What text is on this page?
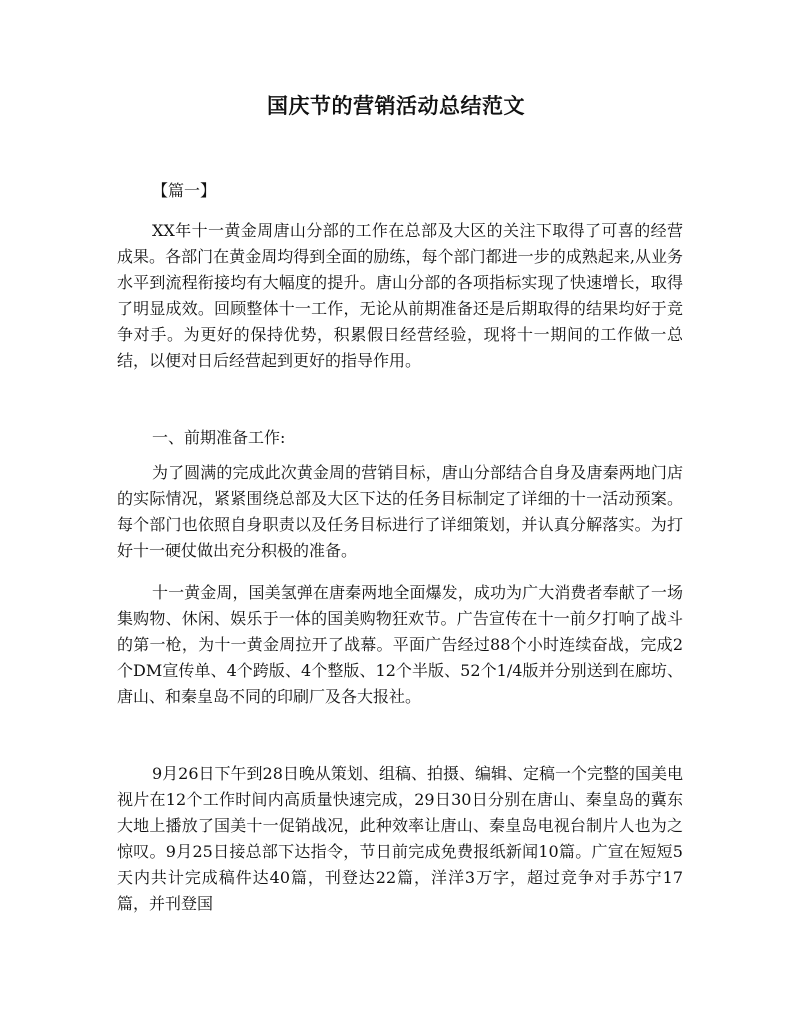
国庆节的营销活动总结范文

【篇一】

XX年十一黄金周唐山分部的工作在总部及大区的关注下取得了可喜的经营成果。各部门在黄金周均得到全面的励练，每个部门都进一步的成熟起来,从业务水平到流程衔接均有大幅度的提升。唐山分部的各项指标实现了快速增长，取得了明显成效。回顾整体十一工作，无论从前期准备还是后期取得的结果均好于竞争对手。为更好的保持优势，积累假日经营经验，现将十一期间的工作做一总结，以便对日后经营起到更好的指导作用。

一、前期准备工作:

为了圆满的完成此次黄金周的营销目标，唐山分部结合自身及唐秦两地门店的实际情况，紧紧围绕总部及大区下达的任务目标制定了详细的十一活动预案。每个部门也依照自身职责以及任务目标进行了详细策划，并认真分解落实。为打好十一硬仗做出充分积极的准备。

十一黄金周，国美氢弹在唐秦两地全面爆发，成功为广大消费者奉献了一场集购物、休闲、娱乐于一体的国美购物狂欢节。广告宣传在十一前夕打响了战斗的第一枪，为十一黄金周拉开了战幕。平面广告经过88个小时连续奋战，完成2个DM宣传单、4个跨版、4个整版、12个半版、52个1/4版并分别送到在廊坊、唐山、和秦皇岛不同的印刷厂及各大报社。

9月26日下午到28日晚从策划、组稿、拍摄、编辑、定稿一个完整的国美电视片在12个工作时间内高质量快速完成，29日30日分别在唐山、秦皇岛的冀东大地上播放了国美十一促销战况，此种效率让唐山、秦皇岛电视台制片人也为之惊叹。9月25日接总部下达指令，节日前完成免费报纸新闻10篇。广宣在短短5天内共计完成稿件达40篇，刊登达22篇，洋洋3万字，超过竞争对手苏宁17篇，并刊登国
